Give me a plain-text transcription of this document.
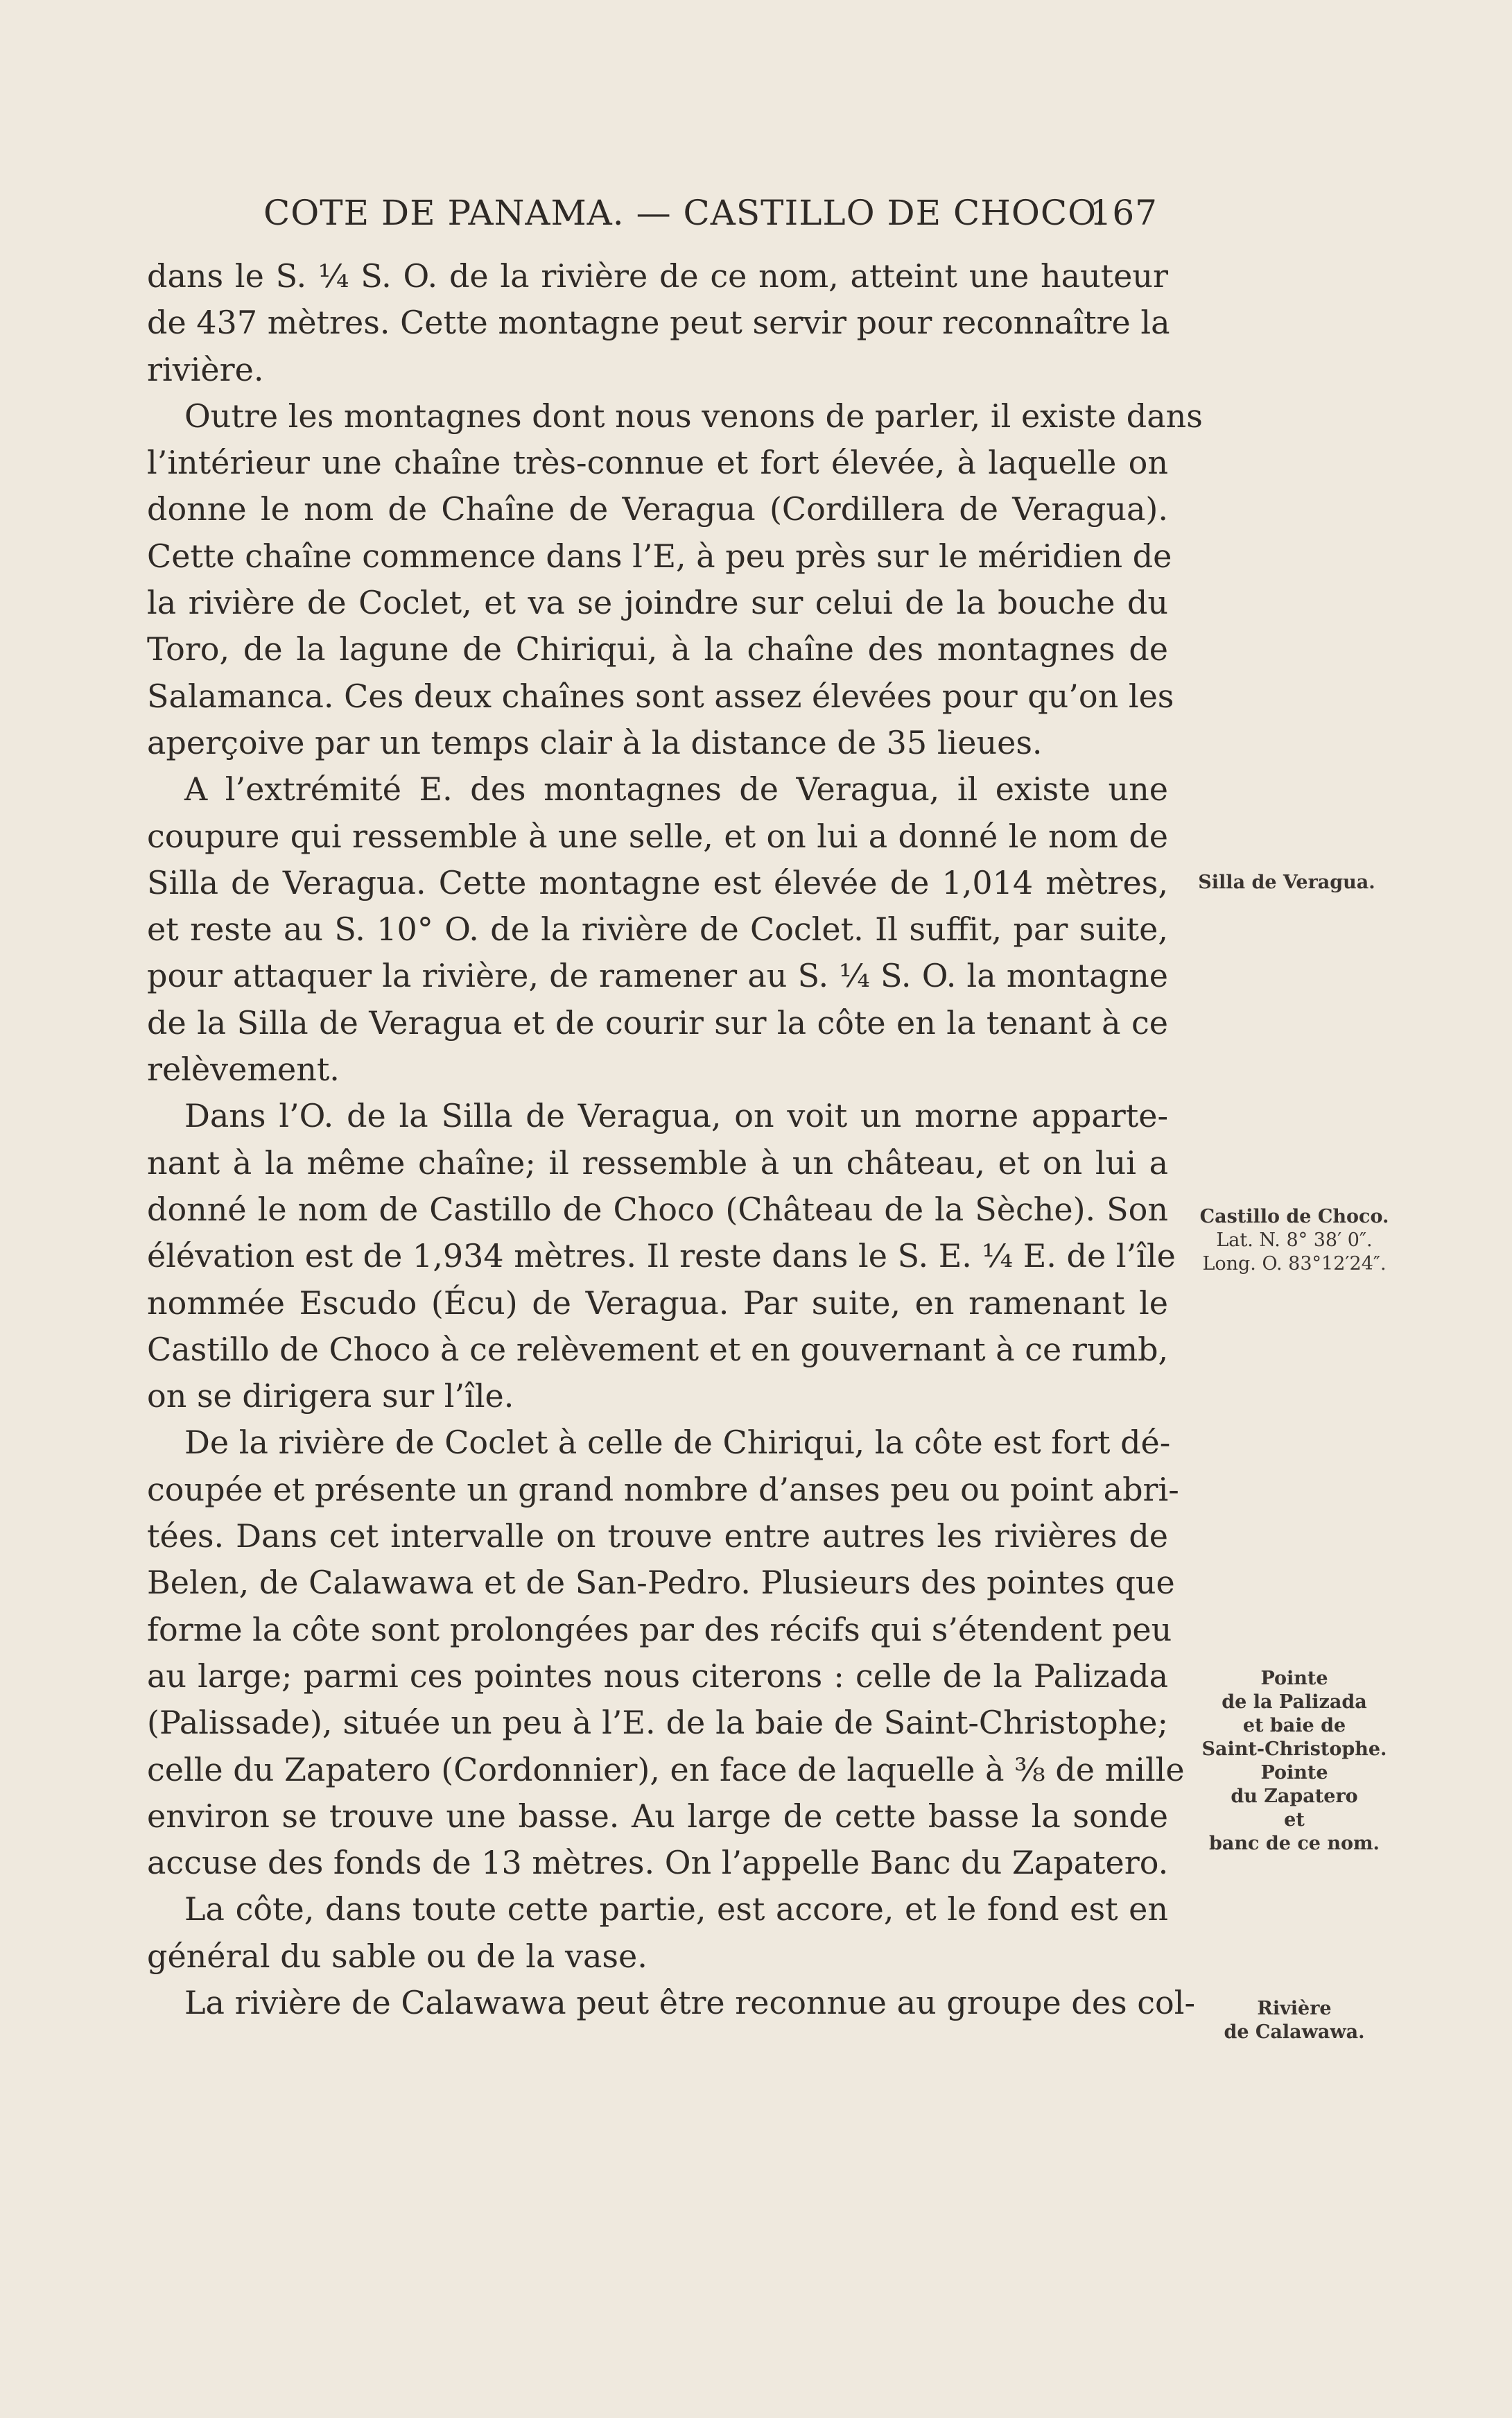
COTE DE PANAMA. — CASTILLO DE CHOCO.
167
dans le S. ¼ S. O. de la rivière de ce nom, atteint une hauteur
de 437 mètres. Cette montagne peut servir pour reconnaître la
rivière.
Outre les montagnes dont nous venons de parler, il existe dans
l’intérieur une chaîne très-connue et fort élevée, à laquelle on
donne le nom de Chaîne de Veragua (Cordillera de Veragua).
Cette chaîne commence dans l’E, à peu près sur le méridien de
la rivière de Coclet, et va se joindre sur celui de la bouche du
Toro, de la lagune de Chiriqui, à la chaîne des montagnes de
Salamanca. Ces deux chaînes sont assez élevées pour qu’on les
aperçoive par un temps clair à la distance de 35 lieues.
A l’extrémité E. des montagnes de Veragua, il existe une
coupure qui ressemble à une selle, et on lui a donné le nom de
Silla de Veragua. Cette montagne est élevée de 1,014 mètres,
et reste au S. 10° O. de la rivière de Coclet. Il suffit, par suite,
pour attaquer la rivière, de ramener au S. ¼ S. O. la montagne
de la Silla de Veragua et de courir sur la côte en la tenant à ce
relèvement.
Dans l’O. de la Silla de Veragua, on voit un morne apparte-
nant à la même chaîne; il ressemble à un château, et on lui a
donné le nom de Castillo de Choco (Château de la Sèche). Son
élévation est de 1,934 mètres. Il reste dans le S. E. ¼ E. de l’île
nommée Escudo (Écu) de Veragua. Par suite, en ramenant le
Castillo de Choco à ce relèvement et en gouvernant à ce rumb,
on se dirigera sur l’île.
De la rivière de Coclet à celle de Chiriqui, la côte est fort dé-
coupée et présente un grand nombre d’anses peu ou point abri-
tées. Dans cet intervalle on trouve entre autres les rivières de
Belen, de Calawawa et de San-Pedro. Plusieurs des pointes que
forme la côte sont prolongées par des récifs qui s’étendent peu
au large; parmi ces pointes nous citerons : celle de la Palizada
(Palissade), située un peu à l’E. de la baie de Saint-Christophe;
celle du Zapatero (Cordonnier), en face de laquelle à ⅜ de mille
environ se trouve une basse. Au large de cette basse la sonde
accuse des fonds de 13 mètres. On l’appelle Banc du Zapatero.
La côte, dans toute cette partie, est accore, et le fond est en
général du sable ou de la vase.
La rivière de Calawawa peut être reconnue au groupe des col-
Silla de Veragua.
Castillo de Choco.
Lat. N. 8° 38′ 0″.
Long. O. 83°12′24″.
Pointe
de la Palizada
et baie de
Saint-Christophe.
Pointe
du Zapatero
et
banc de ce nom.
Rivière
de Calawawa.
